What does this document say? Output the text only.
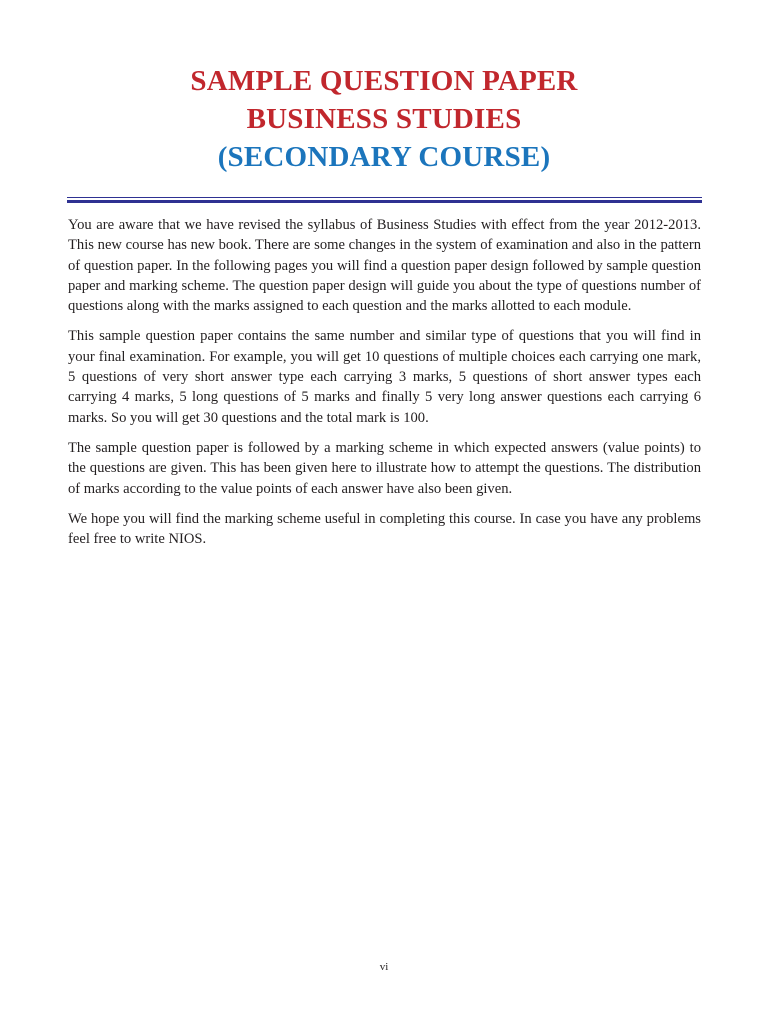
SAMPLE QUESTION PAPER
BUSINESS STUDIES
(SECONDARY COURSE)

You are aware that we have revised the syllabus of Business Studies with effect from the year 2012-2013. This new course has new book. There are some changes in the system of examination and also in the pattern of question paper. In the following pages you will find a question paper design followed by sample question paper and marking scheme. The question paper design will guide you about the type of questions number of questions along with the marks assigned to each question and the marks allotted to each module.

This sample question paper contains the same number and similar type of questions that you will find in your final examination. For example, you will get 10 questions of multiple choices each carrying one mark, 5 questions of very short answer type each carrying 3 marks, 5 questions of short answer types each carrying 4 marks, 5 long questions of 5 marks and finally 5 very long answer questions each carrying 6 marks. So you will get 30 questions and the total mark is 100.

The sample question paper is followed by a marking scheme in which expected answers (value points) to the questions are given. This has been given here to illustrate how to attempt the questions. The distribution of marks according to the value points of each answer have also been given.

We hope you will find the marking scheme useful in completing this course. In case you have any problems feel free to write NIOS.

vi
